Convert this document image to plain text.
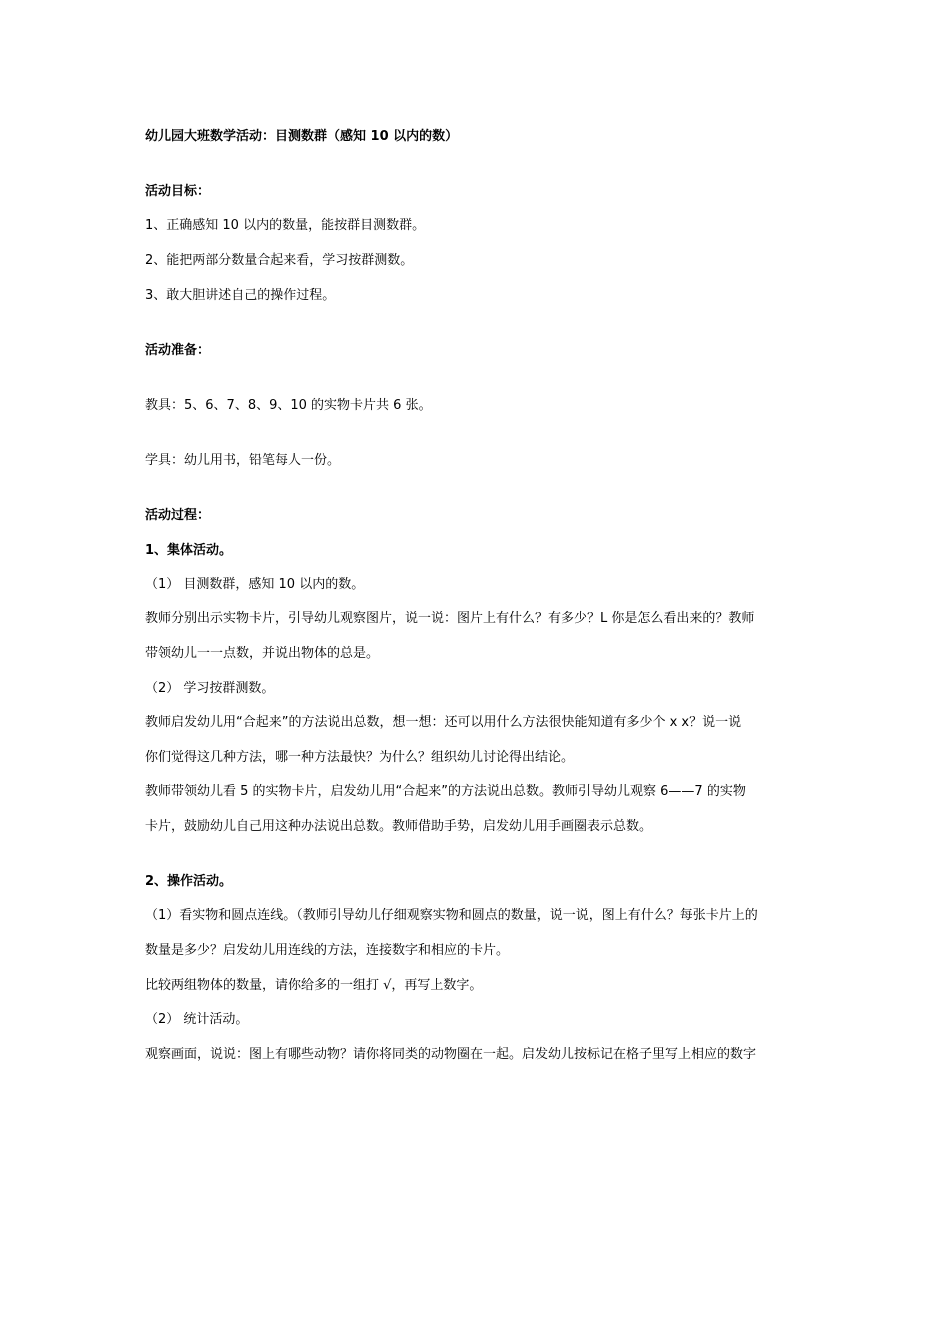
幼儿园大班数学活动：目测数群（感知 10 以内的数）
活动目标：
1、正确感知 10 以内的数量，能按群目测数群。
2、能把两部分数量合起来看，学习按群测数。
3、敢大胆讲述自己的操作过程。
活动准备：
教具：5、6、7、8、9、10 的实物卡片共 6 张。
学具：幼儿用书，铅笔每人一份。
活动过程：
1、集体活动。
（1） 目测数群，感知 10 以内的数。
教师分别出示实物卡片，引导幼儿观察图片，说一说：图片上有什么？有多少？L 你是怎么看出来的？教师
带领幼儿一一点数，并说出物体的总是。
（2） 学习按群测数。
教师启发幼儿用“合起来”的方法说出总数，想一想：还可以用什么方法很快能知道有多少个 x x？说一说
你们觉得这几种方法，哪一种方法最快？为什么？组织幼儿讨论得出结论。
教师带领幼儿看 5 的实物卡片，启发幼儿用“合起来”的方法说出总数。教师引导幼儿观察 6——7 的实物
卡片，鼓励幼儿自己用这种办法说出总数。教师借助手势，启发幼儿用手画圈表示总数。
2、操作活动。
（1）看实物和圆点连线。（教师引导幼儿仔细观察实物和圆点的数量，说一说，图上有什么？每张卡片上的
数量是多少？启发幼儿用连线的方法，连接数字和相应的卡片。
比较两组物体的数量，请你给多的一组打 √，再写上数字。
（2） 统计活动。
观察画面，说说：图上有哪些动物？请你将同类的动物圈在一起。启发幼儿按标记在格子里写上相应的数字
